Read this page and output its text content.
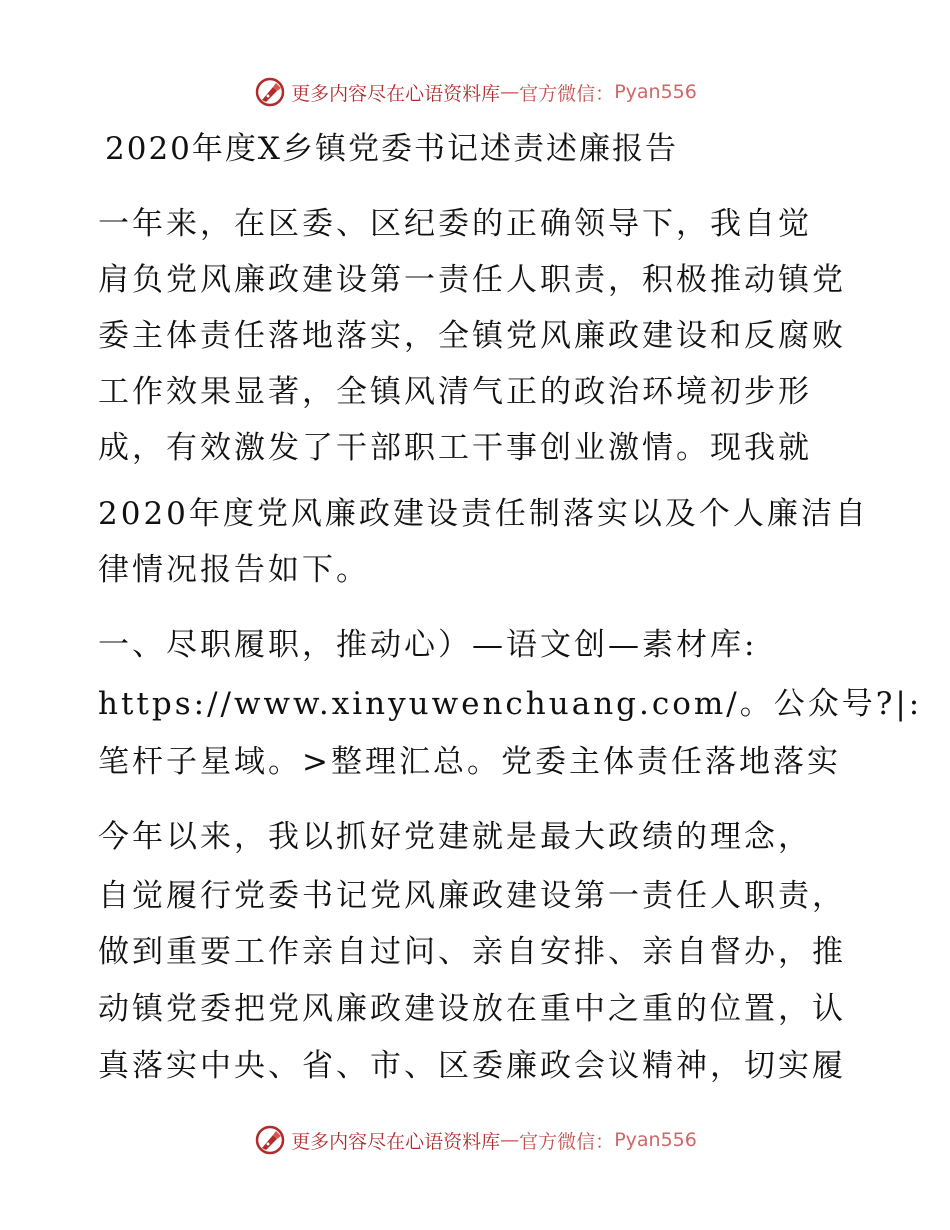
更多内容尽在心语资料库 — 官方微信： Pyan556
2020年度X乡镇党委书记述责述廉报告
一年来，在区委、区纪委的正确领导下，我自觉
肩负党风廉政建设第一责任人职责，积极推动镇党
委主体责任落地落实，全镇党风廉政建设和反腐败
工作效果显著，全镇风清气正的政治环境初步形
成，有效激发了干部职工干事创业激情。现我就
2020年度党风廉政建设责任制落实以及个人廉洁自
律情况报告如下。
一、尽职履职，推动心）—语文创—素材库:
https://www.xinyuwenchuang.com/。公众号?|:
笔杆子星域。>整理汇总。党委主体责任落地落实
今年以来，我以抓好党建就是最大政绩的理念，
自觉履行党委书记党风廉政建设第一责任人职责，
做到重要工作亲自过问、亲自安排、亲自督办，推
动镇党委把党风廉政建设放在重中之重的位置，认
真落实中央、省、市、区委廉政会议精神，切实履
更多内容尽在心语资料库 — 官方微信： Pyan556
